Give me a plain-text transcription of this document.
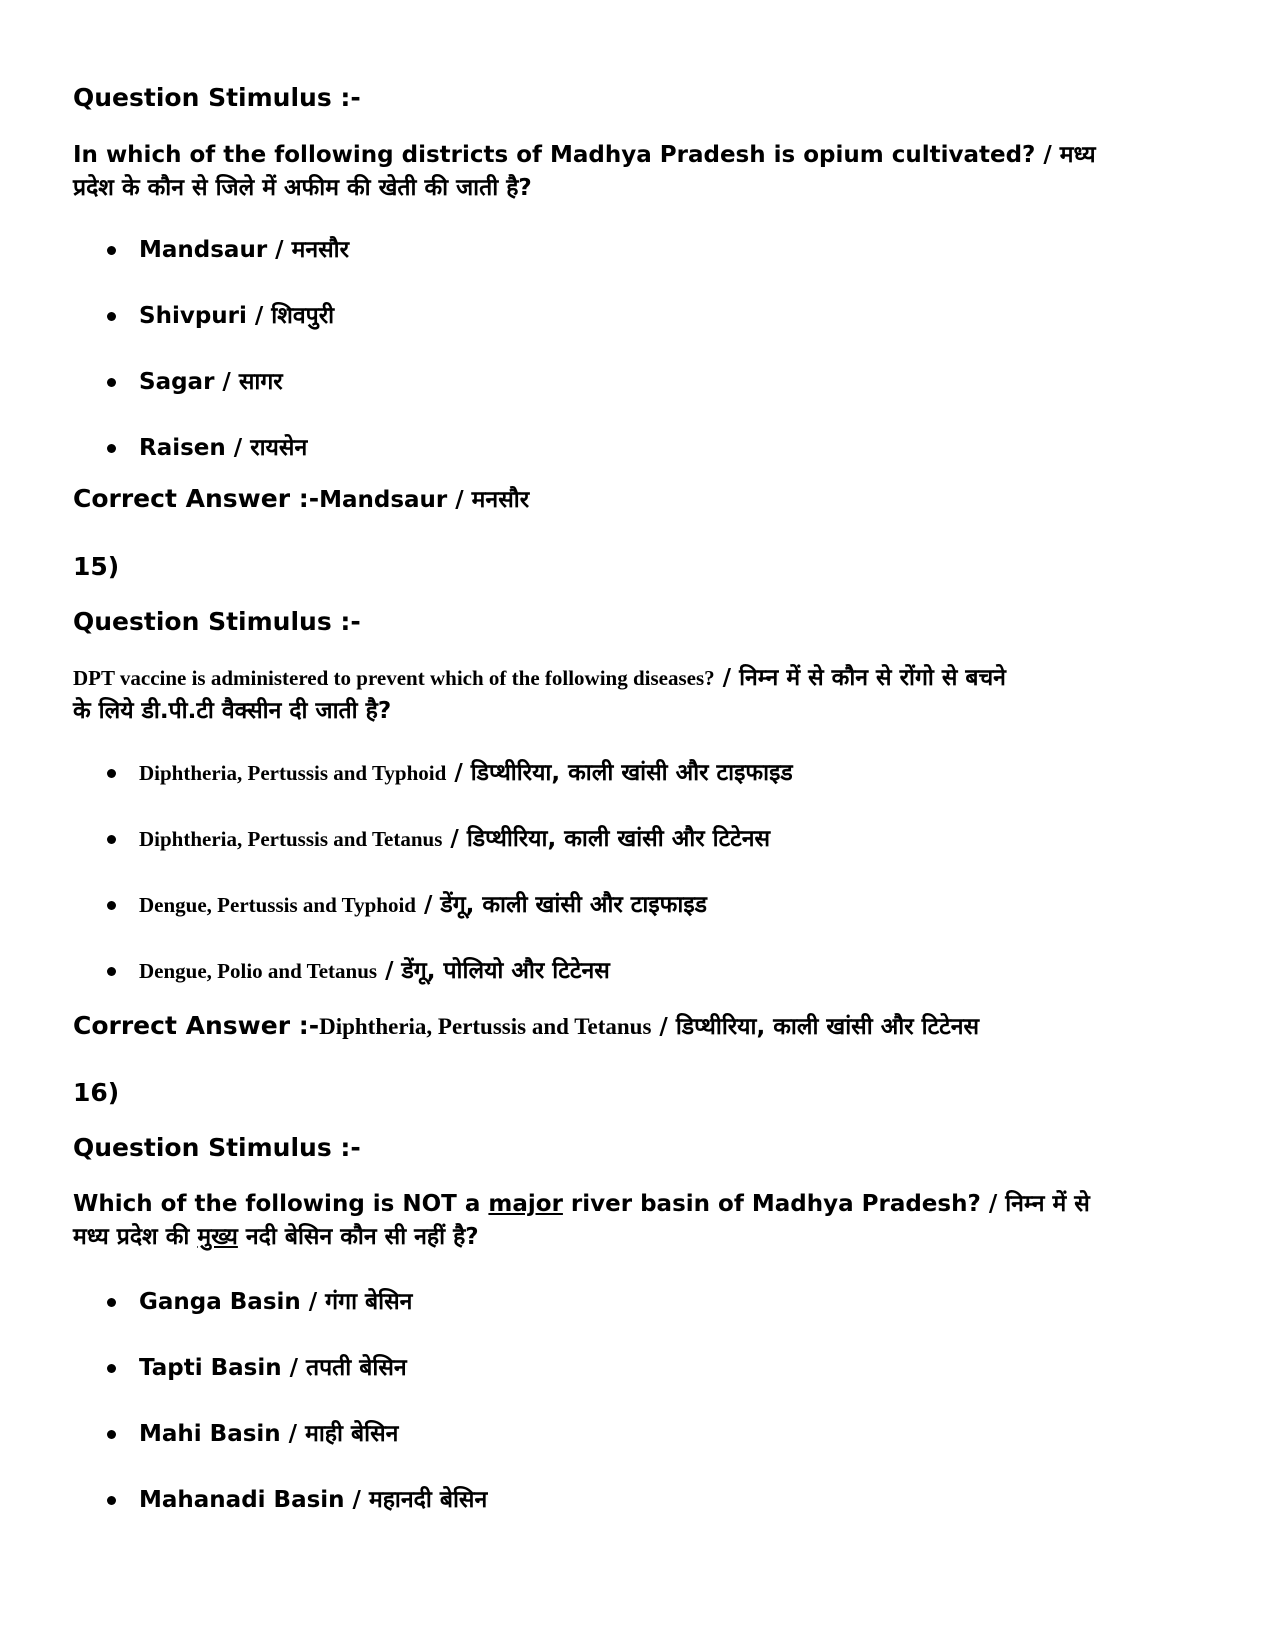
Question Stimulus :-
In which of the following districts of Madhya Pradesh is opium cultivated? / मध्य
प्रदेश के कौन से जिले में अफीम की खेती की जाती है?
Mandsaur / मनसौर
Shivpuri / शिवपुरी
Sagar / सागर
Raisen / रायसेन
Correct Answer :-Mandsaur / मनसौर
15)
Question Stimulus :-
DPT vaccine is administered to prevent which of the following diseases? / निम्न में से कौन से रोंगो से बचने
के लिये डी.पी.टी वैक्सीन दी जाती है?
Diphtheria, Pertussis and Typhoid / डिप्थीरिया, काली खांसी और टाइफाइड
Diphtheria, Pertussis and Tetanus / डिप्थीरिया, काली खांसी और टिटेनस
Dengue, Pertussis and Typhoid / डेंगू, काली खांसी और टाइफाइड
Dengue, Polio and Tetanus / डेंगू, पोलियो और टिटेनस
Correct Answer :-Diphtheria, Pertussis and Tetanus / डिप्थीरिया, काली खांसी और टिटेनस
16)
Question Stimulus :-
Which of the following is NOT a major river basin of Madhya Pradesh? / निम्न में से
मध्य प्रदेश की मुख्य नदी बेसिन कौन सी नहीं है?
Ganga Basin / गंगा बेसिन
Tapti Basin / तपती बेसिन
Mahi Basin / माही बेसिन
Mahanadi Basin / महानदी बेसिन
